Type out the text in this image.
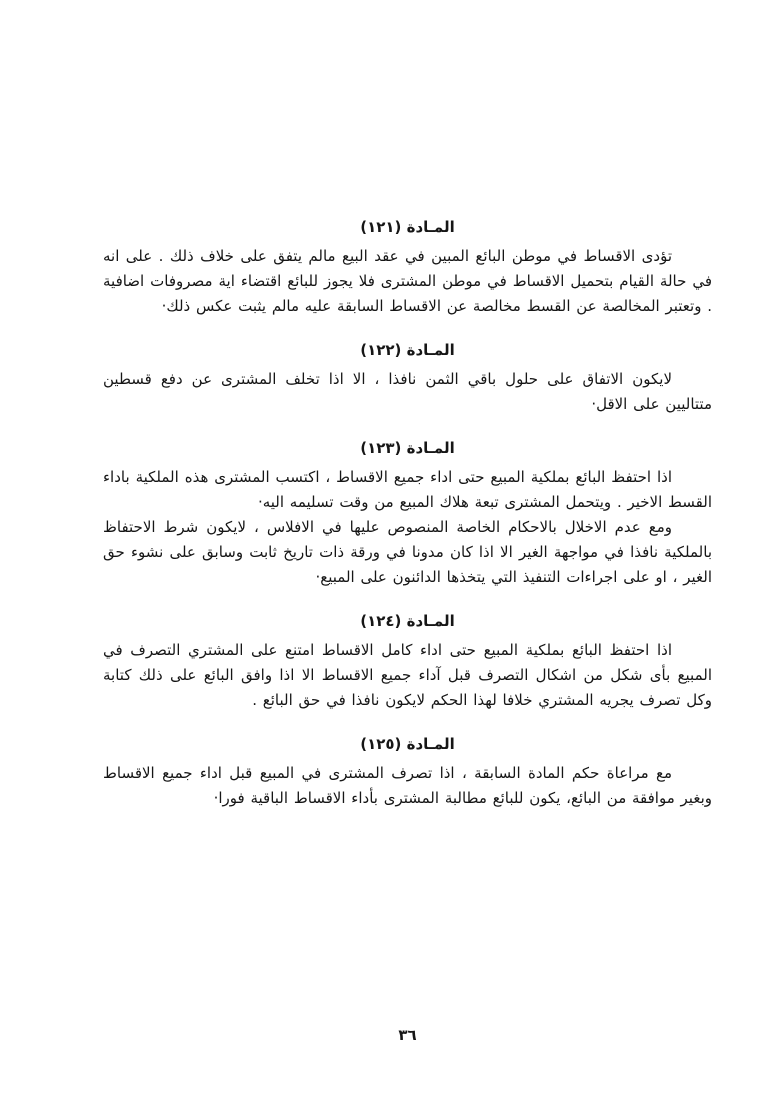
المـادة (١٢١)

تؤدى الاقساط في موطن البائع المبين في عقد البيع مالم يتفق على خلاف ذلك . على انه في حالة القيام بتحميل الاقساط في موطن المشترى فلا يجوز للبائع اقتضاء اية مصروفات اضافية . وتعتبر المخالصة عن القسط مخالصة عن الاقساط السابقة عليه مالم يثبت عكس ذلك·

المـادة (١٢٢)

لايكون الاتفاق على حلول باقي الثمن نافذا ، الا اذا تخلف المشترى عن دفع قسطين متتاليين على الاقل·

المـادة (١٢٣)

اذا احتفظ البائع بملكية المبيع حتى اداء جميع الاقساط ، اكتسب المشترى هذه الملكية باداء القسط الاخير . ويتحمل المشترى تبعة هلاك المبيع من وقت تسليمه اليه·

ومع عدم الاخلال بالاحكام الخاصة المنصوص عليها في الافلاس ، لايكون شرط الاحتفاظ بالملكية نافذا في مواجهة الغير الا اذا كان مدونا في ورقة ذات تاريخ ثابت وسابق على نشوء حق الغير ، او على اجراءات التنفيذ التي يتخذها الدائنون على المبيع·

المـادة (١٢٤)

اذا احتفظ البائع بملكية المبيع حتى اداء كامل الاقساط امتنع على المشتري التصرف في المبيع بأى شكل من اشكال التصرف قبل آداء جميع الاقساط الا اذا وافق البائع على ذلك كتابة وكل تصرف يجريه المشتري خلافا لهذا الحكم لايكون نافذا في حق البائع .

المـادة (١٢٥)

مع مراعاة حكم المادة السابقة ، اذا تصرف المشترى في المبيع قبل اداء جميع الاقساط وبغير موافقة من البائع، يكون للبائع مطالبة المشترى بأداء الاقساط الباقية فورا·

٣٦
